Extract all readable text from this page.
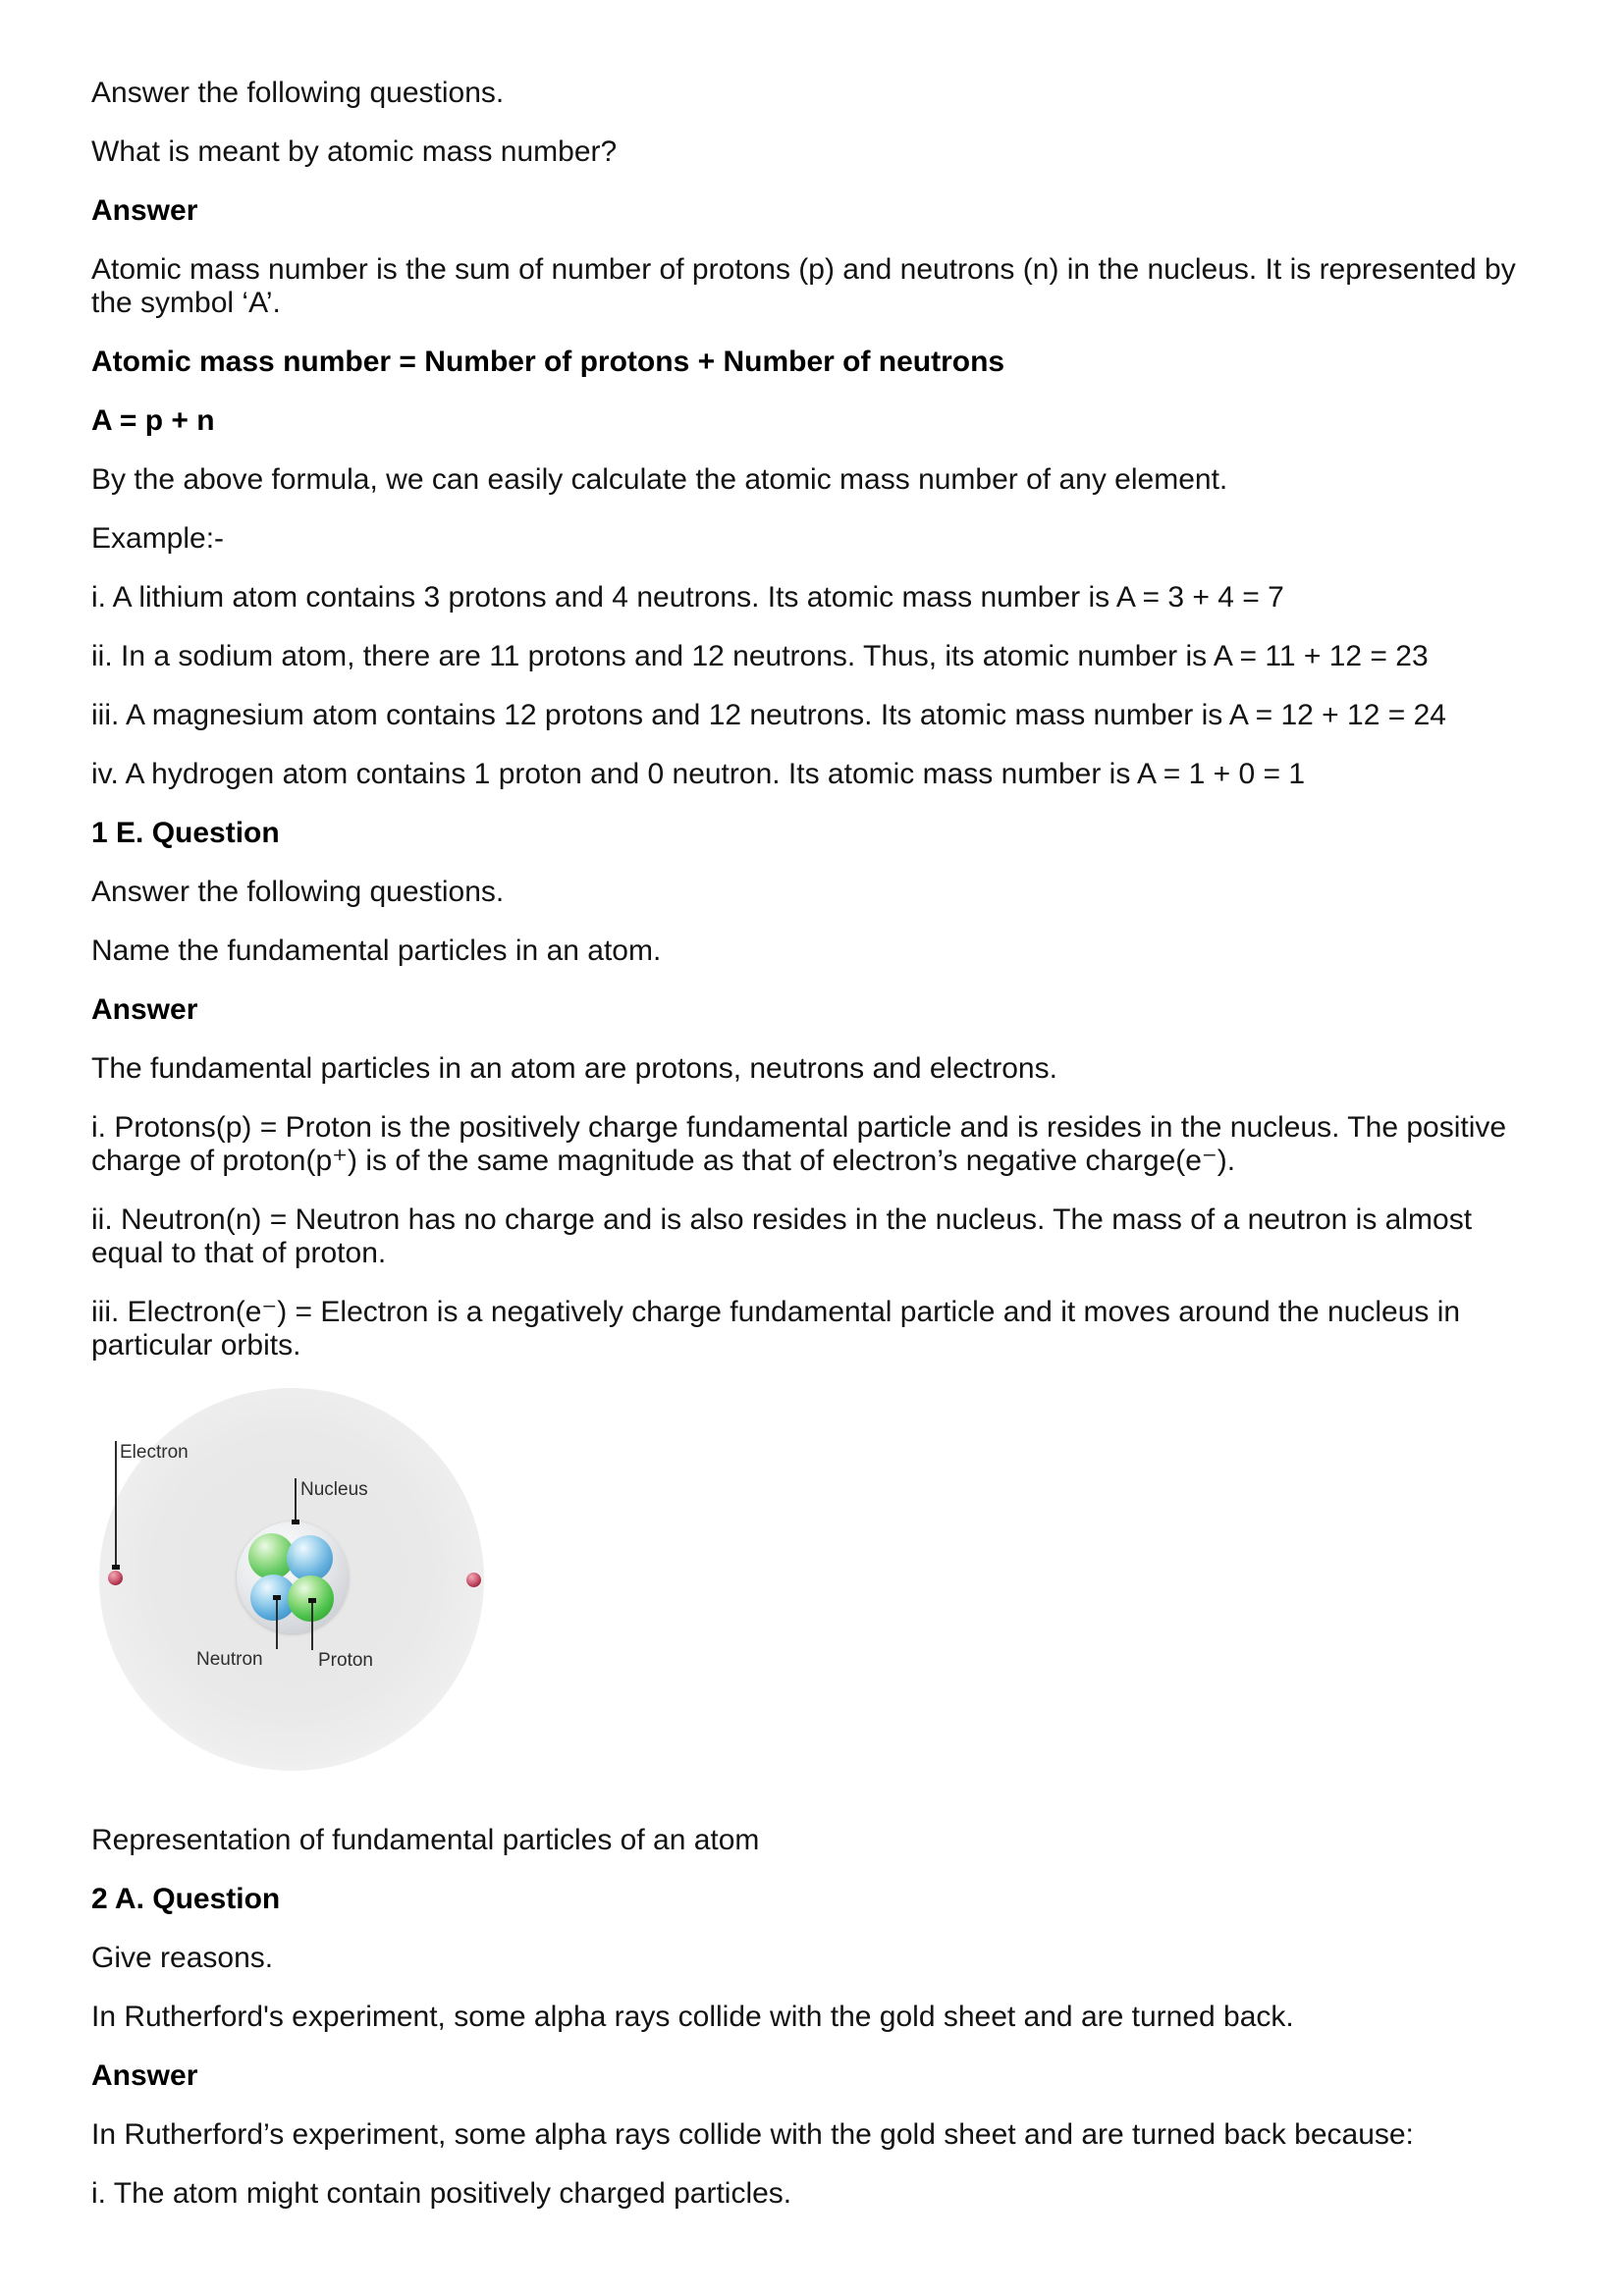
Answer the following questions.

What is meant by atomic mass number?

Answer

Atomic mass number is the sum of number of protons (p) and neutrons (n) in the nucleus. It is represented by the symbol ‘A’.

Atomic mass number = Number of protons + Number of neutrons
A = p + n

By the above formula, we can easily calculate the atomic mass number of any element.

Example:-

i. A lithium atom contains 3 protons and 4 neutrons. Its atomic mass number is A = 3 + 4 = 7

ii. In a sodium atom, there are 11 protons and 12 neutrons. Thus, its atomic number is A = 11 + 12 = 23

iii. A magnesium atom contains 12 protons and 12 neutrons. Its atomic mass number is A = 12 + 12 = 24

iv. A hydrogen atom contains 1 proton and 0 neutron. Its atomic mass number is A = 1 + 0 = 1

1 E. Question

Answer the following questions.

Name the fundamental particles in an atom.

Answer

The fundamental particles in an atom are protons, neutrons and electrons.

i. Protons(p) = Proton is the positively charge fundamental particle and is resides in the nucleus. The positive charge of proton(p⁺) is of the same magnitude as that of electron’s negative charge(e⁻).

ii. Neutron(n) = Neutron has no charge and is also resides in the nucleus. The mass of a neutron is almost equal to that of proton.

iii. Electron(e⁻) = Electron is a negatively charge fundamental particle and it moves around the nucleus in particular orbits.

Electron
Nucleus
Neutron	Proton

Representation of fundamental particles of an atom

2 A. Question

Give reasons.

In Rutherford's experiment, some alpha rays collide with the gold sheet and are turned back.

Answer

In Rutherford’s experiment, some alpha rays collide with the gold sheet and are turned back because:

i. The atom might contain positively charged particles.
